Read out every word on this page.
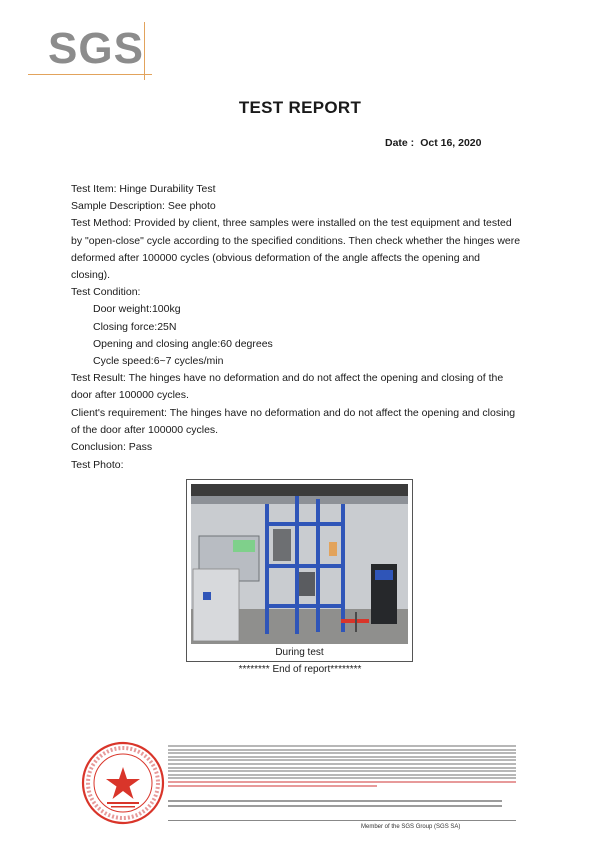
SGS
TEST REPORT
Date : Oct 16, 2020

Test Item: Hinge Durability Test

Sample Description: See photo

Test Method: Provided by client, three samples were installed on the test equipment and tested by "open-close" cycle according to the specified conditions. Then check whether the hinges were deformed after 100000 cycles (obvious deformation of the angle affects the opening and closing).

Test Condition:

Door weight:100kg

Closing force:25N

Opening and closing angle:60 degrees

Cycle speed:6~7 cycles/min

Test Result: The hinges have no deformation and do not affect the opening and closing of the door after 100000 cycles.

Client's requirement: The hinges have no deformation and do not affect the opening and closing of the door after 100000 cycles.

Conclusion: Pass

Test Photo:
During test
******** End of report********
Member of the SGS Group (SGS SA)
